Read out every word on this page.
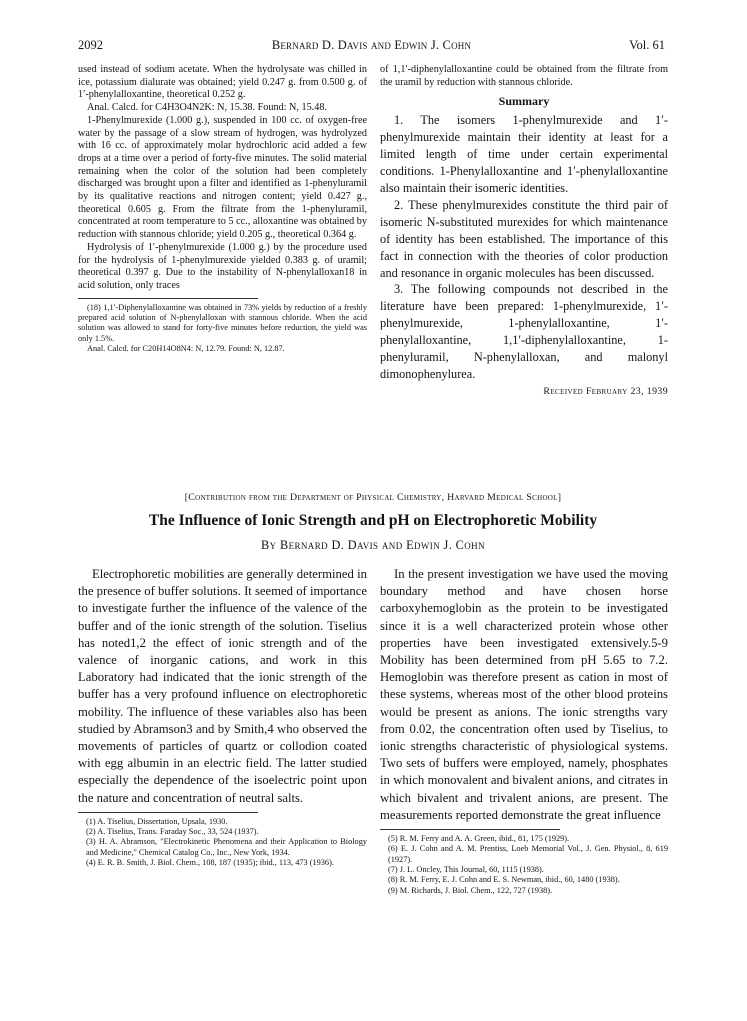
2092	Bernard D. Davis and Edwin J. Cohn	Vol. 61

used instead of sodium acetate. When the hydrolysate was chilled in ice, potassium dialurate was obtained; yield 0.247 g. from 0.500 g. of 1′-phenylalloxantine, theoretical 0.252 g.

Anal. Calcd. for C4H3O4N2K: N, 15.38. Found: N, 15.48.

1-Phenylmurexide (1.000 g.), suspended in 100 cc. of oxygen-free water by the passage of a slow stream of hydrogen, was hydrolyzed with 16 cc. of approximately molar hydrochloric acid added a few drops at a time over a period of forty-five minutes. The solid material remaining when the color of the solution had been completely discharged was brought upon a filter and identified as 1-phenyluramil by its qualitative reactions and nitrogen content; yield 0.427 g., theoretical 0.605 g. From the filtrate from the 1-phenyluramil, concentrated at room temperature to 5 cc., alloxantine was obtained by reduction with stannous chloride; yield 0.205 g., theoretical 0.364 g.

Hydrolysis of 1′-phenylmurexide (1.000 g.) by the procedure used for the hydrolysis of 1-phenylmurexide yielded 0.383 g. of uramil; theoretical 0.397 g. Due to the instability of N-phenylalloxan18 in acid solution, only traces

(18) 1,1′-Diphenylalloxantine was obtained in 73% yields by reduction of a freshly prepared acid solution of N-phenylalloxan with stannous chloride. When the acid solution was allowed to stand for forty-five minutes before reduction, the yield was only 1.5%.

Anal. Calcd. for C20H14O8N4: N, 12.79. Found: N, 12.87.

of 1,1′-diphenylalloxantine could be obtained from the filtrate from the uramil by reduction with stannous chloride.

Summary

1. The isomers 1-phenylmurexide and 1′-phenylmurexide maintain their identity at least for a limited length of time under certain experimental conditions. 1-Phenylalloxantine and 1′-phenylalloxantine also maintain their isomeric identities.

2. These phenylmurexides constitute the third pair of isomeric N-substituted murexides for which maintenance of identity has been established. The importance of this fact in connection with the theories of color production and resonance in organic molecules has been discussed.

3. The following compounds not described in the literature have been prepared: 1-phenylmurexide, 1′-phenylmurexide, 1-phenylalloxantine, 1′-phenylalloxantine, 1,1′-diphenylalloxantine, 1-phenyluramil, N-phenylalloxan, and malonyl dimonophenylurea.

Received February 23, 1939
[Contribution from the Department of Physical Chemistry, Harvard Medical School]
The Influence of Ionic Strength and pH on Electrophoretic Mobility
By Bernard D. Davis and Edwin J. Cohn

Electrophoretic mobilities are generally determined in the presence of buffer solutions. It seemed of importance to investigate further the influence of the valence of the buffer and of the ionic strength of the solution. Tiselius has noted1,2 the effect of ionic strength and of the valence of inorganic cations, and work in this Laboratory had indicated that the ionic strength of the buffer has a very profound influence on electrophoretic mobility. The influence of these variables also has been studied by Abramson3 and by Smith,4 who observed the movements of particles of quartz or collodion coated with egg albumin in an electric field. The latter studied especially the dependence of the isoelectric point upon the nature and concentration of neutral salts.

(1) A. Tiselius, Dissertation, Upsala, 1930.

(2) A. Tiselius, Trans. Faraday Soc., 33, 524 (1937).

(3) H. A. Abramson, "Electrokinetic Phenomena and their Application to Biology and Medicine," Chemical Catalog Co., Inc., New York, 1934.

(4) E. R. B. Smith, J. Biol. Chem., 108, 187 (1935); ibid., 113, 473 (1936).

In the present investigation we have used the moving boundary method and have chosen horse carboxyhemoglobin as the protein to be investigated since it is a well characterized protein whose other properties have been investigated extensively.5-9 Mobility has been determined from pH 5.65 to 7.2. Hemoglobin was therefore present as cation in most of these systems, whereas most of the other blood proteins would be present as anions. The ionic strengths vary from 0.02, the concentration often used by Tiselius, to ionic strengths characteristic of physiological systems. Two sets of buffers were employed, namely, phosphates in which monovalent and bivalent anions, and citrates in which bivalent and trivalent anions, are present. The measurements reported demonstrate the great influence

(5) R. M. Ferry and A. A. Green, ibid., 81, 175 (1929).

(6) E. J. Cohn and A. M. Prentiss, Loeb Memorial Vol., J. Gen. Physiol., 8, 619 (1927).

(7) J. L. Oncley, This Journal, 60, 1115 (1938).

(8) R. M. Ferry, E. J. Cohn and E. S. Newman, ibid., 60, 1480 (1938).

(9) M. Richards, J. Biol. Chem., 122, 727 (1938).
